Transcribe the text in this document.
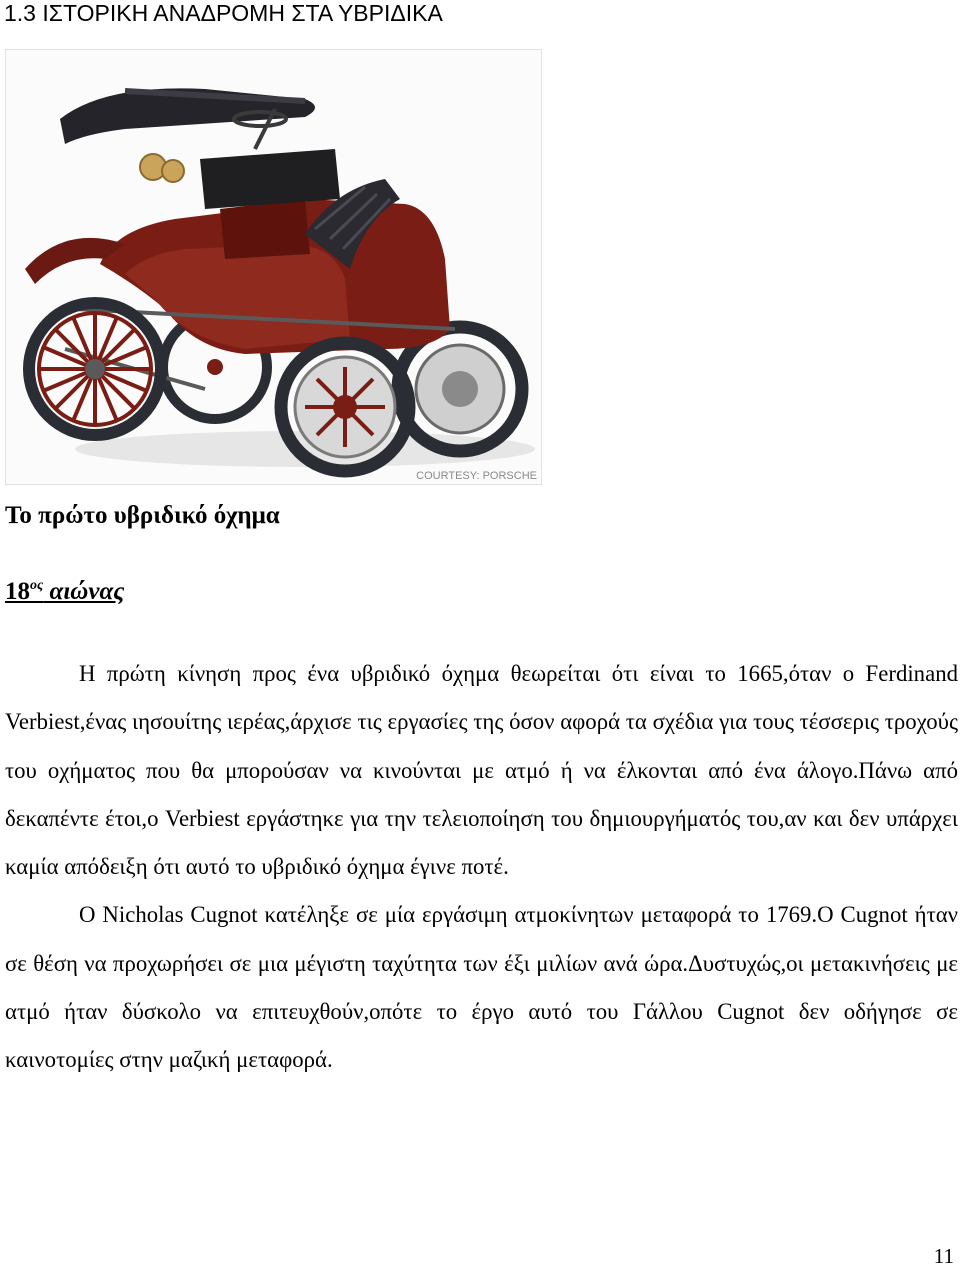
1.3 ΙΣΤΟΡΙΚΗ ΑΝΑΔΡΟΜΗ ΣΤΑ ΥΒΡΙΔΙΚΑ
COURTESY: PORSCHE
Το πρώτο υβριδικό όχημα
$18^{o\varsigma}$ αιώνας

Η πρώτη κίνηση προς ένα υβριδικό όχημα θεωρείται ότι είναι το 1665,όταν ο Ferdinand Verbiest,ένας ιησουίτης ιερέας,άρχισε τις εργασίες της όσον αφορά τα σχέδια για τους τέσσερις τροχούς του οχήματος που θα μπορούσαν να κινούνται με ατμό ή να έλκονται από ένα άλογο.Πάνω από δεκαπέντε έτοι,ο Verbiest εργάστηκε για την τελειοποίηση του δημιουργήματός του,αν και δεν υπάρχει καμία απόδειξη ότι αυτό το υβριδικό όχημα έγινε ποτέ.

Ο Nicholas Cugnot κατέληξε σε μία εργάσιμη ατμοκίνητων μεταφορά το 1769.Ο Cugnot ήταν σε θέση να προχωρήσει σε μια μέγιστη ταχύτητα των έξι μιλίων ανά ώρα.Δυστυχώς,οι μετακινήσεις με ατμό ήταν δύσκολο να επιτευχθούν,οπότε το έργο αυτό του Γάλλου Cugnot δεν οδήγησε σε καινοτομίες στην μαζική μεταφορά.

11
